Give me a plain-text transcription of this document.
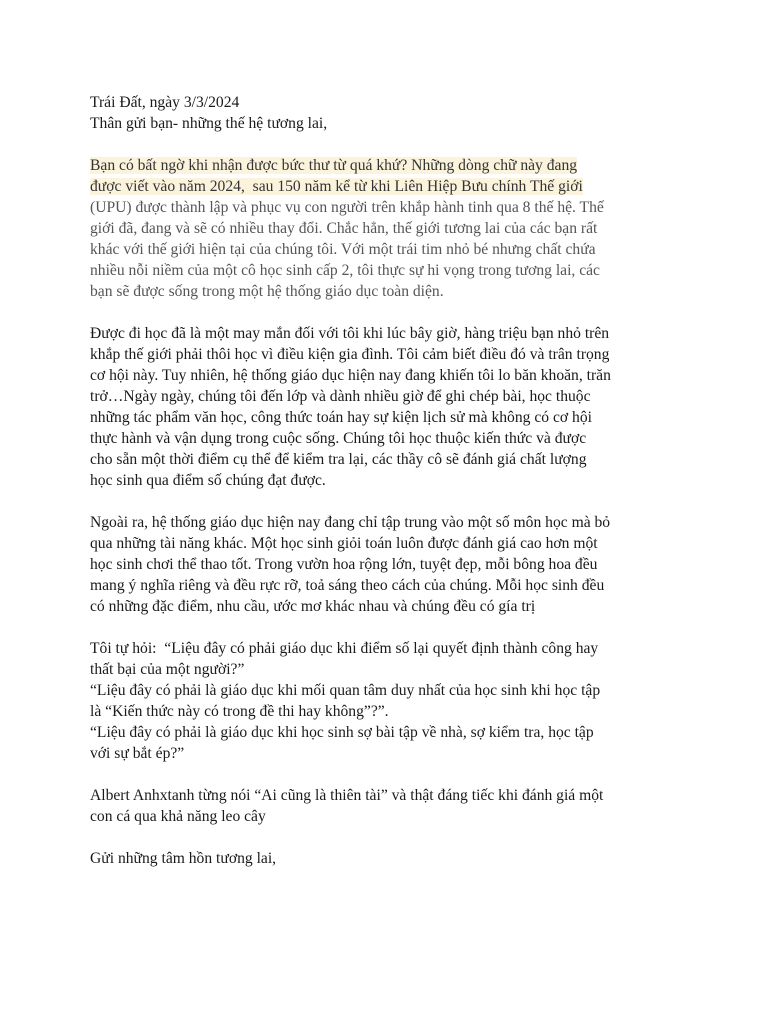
Trái Đất, ngày 3/3/2024
Thân gửi bạn- những thế hệ tương lai,
Bạn có bất ngờ khi nhận được bức thư từ quá khứ? Những dòng chữ này đang
được viết vào năm 2024,  sau 150 năm kể từ khi Liên Hiệp Bưu chính Thế giới
(UPU) được thành lập và phục vụ con người trên khắp hành tinh qua 8 thế hệ. Thế
giới đã, đang và sẽ có nhiều thay đổi. Chắc hẳn, thế giới tương lai của các bạn rất
khác với thế giới hiện tại của chúng tôi. Với một trái tim nhỏ bé nhưng chất chứa
nhiều nỗi niềm của một cô học sinh cấp 2, tôi thực sự hi vọng trong tương lai, các
bạn sẽ được sống trong một hệ thống giáo dục toàn diện.
Được đi học đã là một may mắn đối với tôi khi lúc bây giờ, hàng triệu bạn nhỏ trên
khắp thế giới phải thôi học vì điều kiện gia đình. Tôi cảm biết điều đó và trân trọng
cơ hội này. Tuy nhiên, hệ thống giáo dục hiện nay đang khiến tôi lo băn khoăn, trăn
trở…Ngày ngày, chúng tôi đến lớp và dành nhiều giờ để ghi chép bài, học thuộc
những tác phẩm văn học, công thức toán hay sự kiện lịch sử mà không có cơ hội
thực hành và vận dụng trong cuộc sống. Chúng tôi học thuộc kiến thức và được
cho sẵn một thời điểm cụ thể để kiểm tra lại, các thầy cô sẽ đánh giá chất lượng
học sinh qua điểm số chúng đạt được.
Ngoài ra, hệ thống giáo dục hiện nay đang chỉ tập trung vào một số môn học mà bỏ
qua những tài năng khác. Một học sinh giỏi toán luôn được đánh giá cao hơn một
học sinh chơi thể thao tốt. Trong vườn hoa rộng lớn, tuyệt đẹp, mỗi bông hoa đều
mang ý nghĩa riêng và đều rực rỡ, toả sáng theo cách của chúng. Mỗi học sinh đều
có những đặc điểm, nhu cầu, ước mơ khác nhau và chúng đều có gía trị
Tôi tự hỏi:  “Liệu đây có phải giáo dục khi điểm số lại quyết định thành công hay
thất bại của một người?”
“Liệu đây có phải là giáo dục khi mối quan tâm duy nhất của học sinh khi học tập
là “Kiến thức này có trong đề thi hay không”?”.
“Liệu đây có phải là giáo dục khi học sinh sợ bài tập về nhà, sợ kiểm tra, học tập
với sự bắt ép?”
Albert Anhxtanh từng nói “Ai cũng là thiên tài” và thật đáng tiếc khi đánh giá một
con cá qua khả năng leo cây
Gửi những tâm hồn tương lai,
